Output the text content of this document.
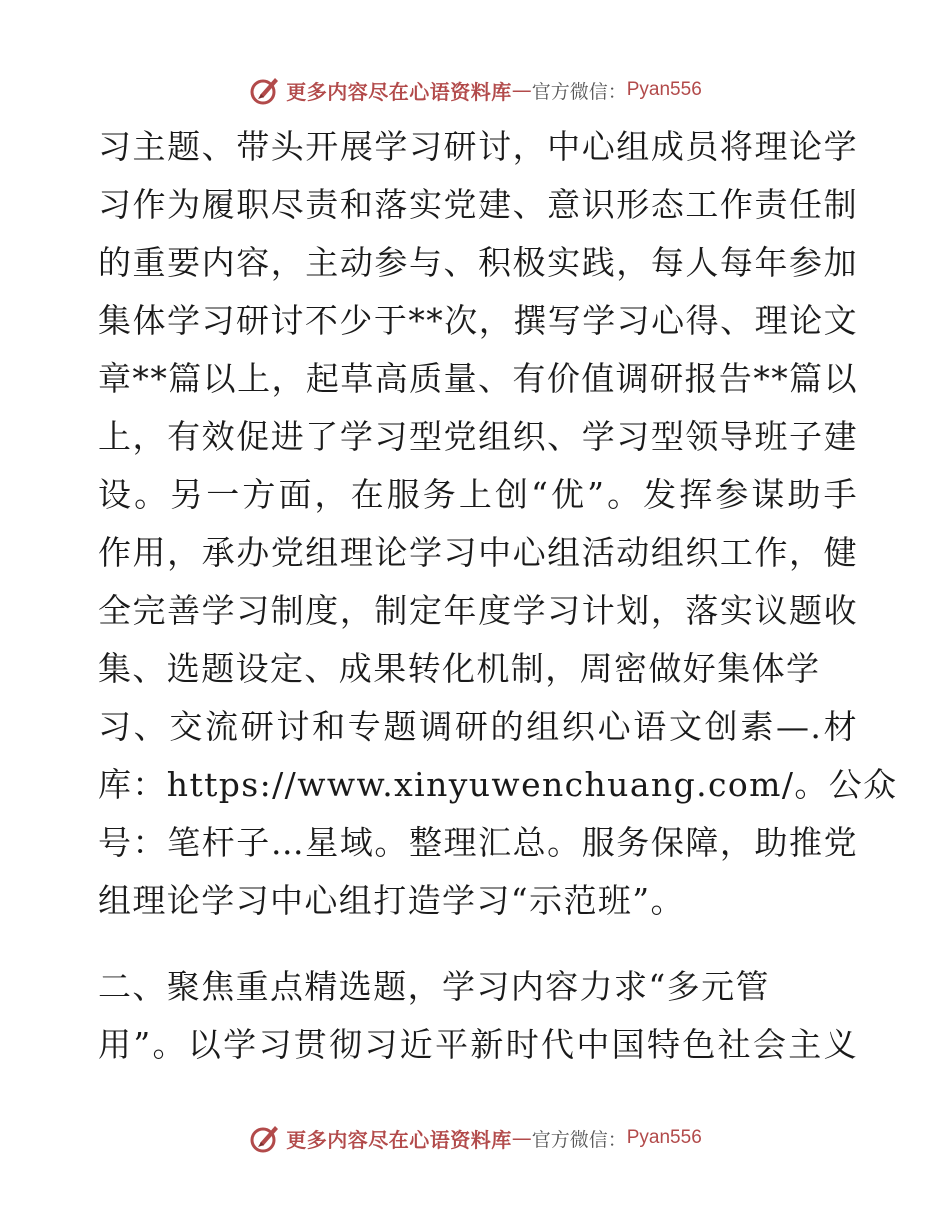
更多内容尽在心语资料库 — 官方微信： Pyan556
习主题、带头开展学习研讨，中心组成员将理论学
习作为履职尽责和落实党建、意识形态工作责任制
的重要内容，主动参与、积极实践，每人每年参加
集体学习研讨不少于**次，撰写学习心得、理论文
章**篇以上，起草高质量、有价值调研报告**篇以
上，有效促进了学习型党组织、学习型领导班子建
设。另一方面，在服务上创“优”。发挥参谋助手
作用，承办党组理论学习中心组活动组织工作，健
全完善学习制度，制定年度学习计划，落实议题收
集、选题设定、成果转化机制，周密做好集体学
习、交流研讨和专题调研的组织心语文创素—.材
库：https://www.xinyuwenchuang.com/。公众
号：笔杆子…星域。整理汇总。服务保障，助推党
组理论学习中心组打造学习“示范班”。
二、聚焦重点精选题，学习内容力求“多元管
用”。以学习贯彻习近平新时代中国特色社会主义
更多内容尽在心语资料库 — 官方微信： Pyan556
